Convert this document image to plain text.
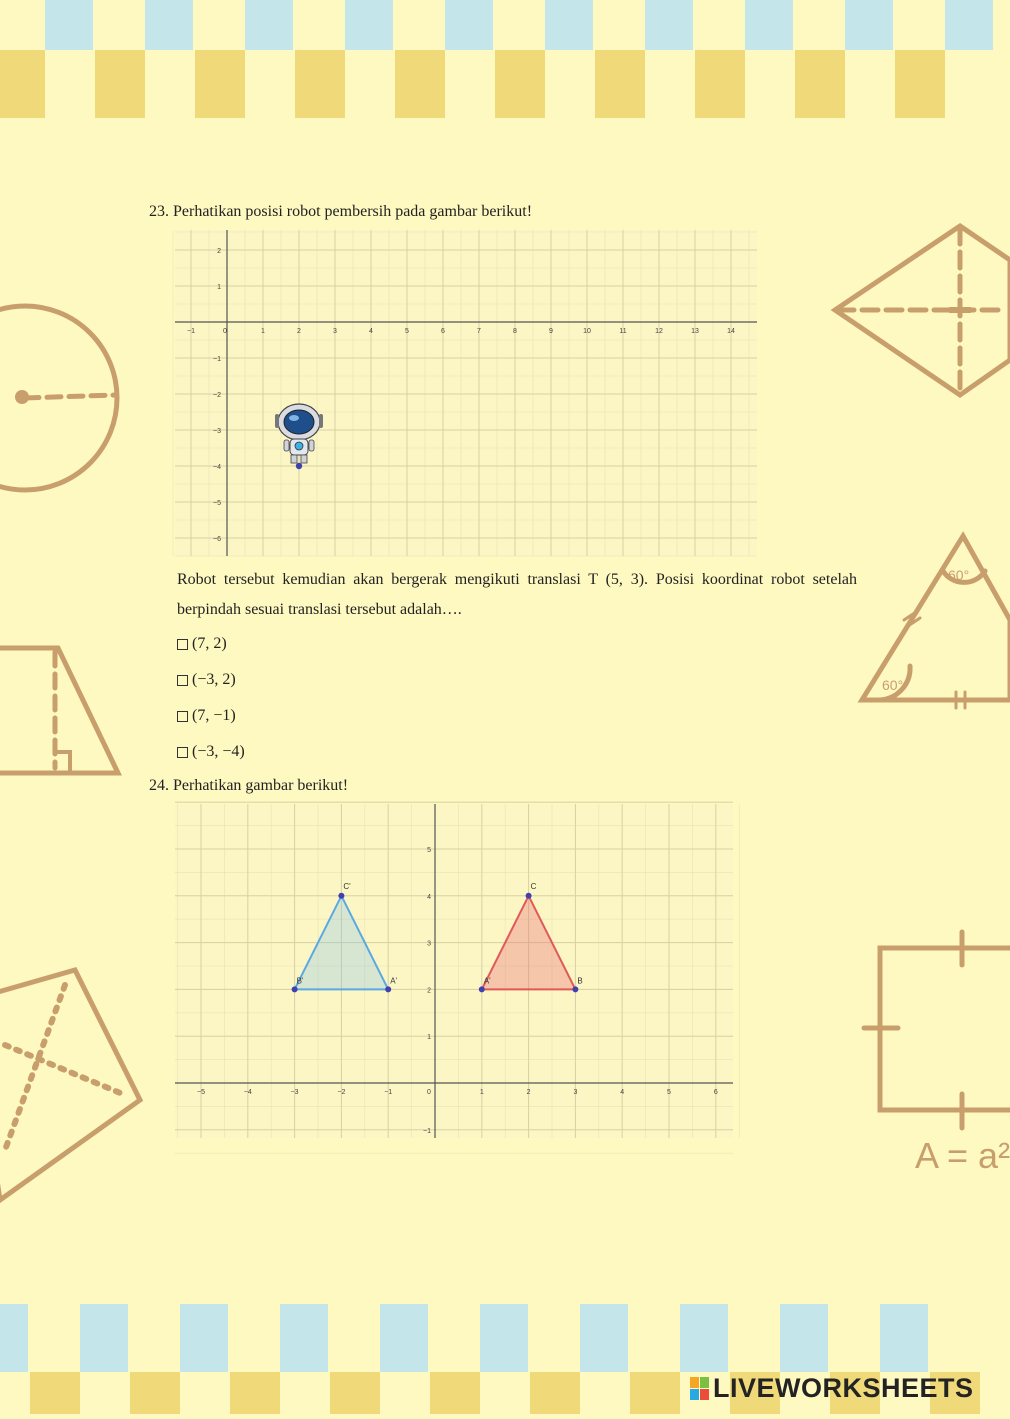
60°
60°
A = a²
23. Perhatikan posisi robot pembersih pada gambar berikut!
−1	0	1	2	3	4	5	6	7	8	9	10	11	12	13	14
2
1
−1
−2
−3
−4
−5
−6
Robot tersebut kemudian akan bergerak mengikuti translasi T (5, 3). Posisi koordinat robot setelah berpindah sesuai translasi tersebut adalah….
(7, 2)
(−3, 2)
(7, −1)
(−3, −4)
24. Perhatikan gambar berikut!
−5	−4	−3	−2	−1	0	1	2	3	4	5	6
5
4
3
2
1
−1
A'
B'
C'
A'	B
C
LIVEWORKSHEETS
